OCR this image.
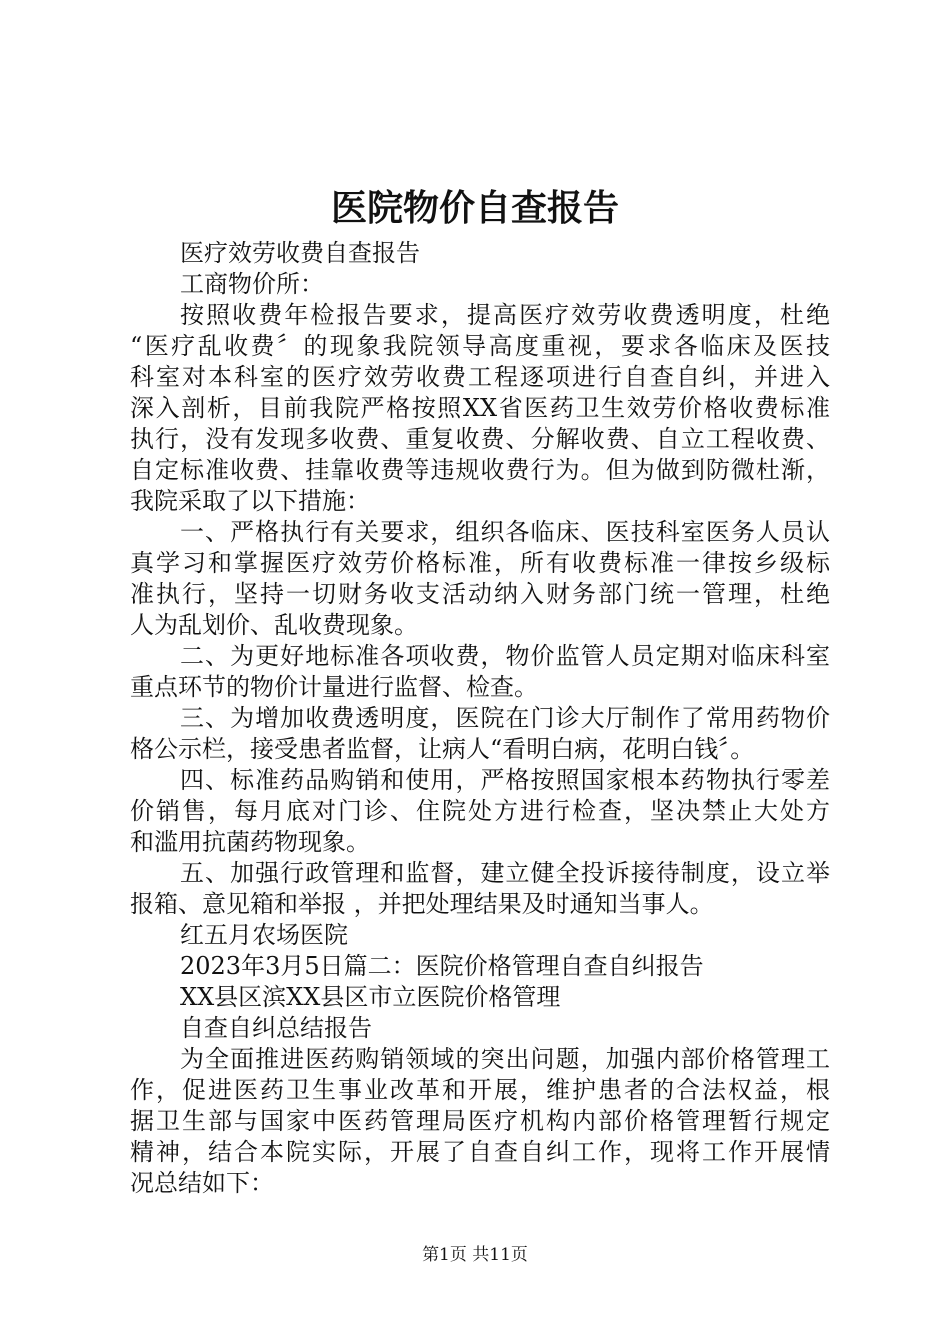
医院物价自查报告
医疗效劳收费自查报告
工商物价所：
按照收费年检报告要求，提高医疗效劳收费透明度，杜绝
“医疗乱收费〞的现象我院领导高度重视，要求各临床及医技
科室对本科室的医疗效劳收费工程逐项进行自查自纠，并进入
深入剖析，目前我院严格按照XX省医药卫生效劳价格收费标准
执行，没有发现多收费、重复收费、分解收费、自立工程收费、
自定标准收费、挂靠收费等违规收费行为。但为做到防微杜渐，
我院采取了以下措施：
一、严格执行有关要求，组织各临床、医技科室医务人员认
真学习和掌握医疗效劳价格标准，所有收费标准一律按乡级标
准执行，坚持一切财务收支活动纳入财务部门统一管理，杜绝
人为乱划价、乱收费现象。
二、为更好地标准各项收费，物价监管人员定期对临床科室
重点环节的物价计量进行监督、检查。
三、为增加收费透明度，医院在门诊大厅制作了常用药物价
格公示栏，接受患者监督，让病人“看明白病，花明白钱〞。
四、标准药品购销和使用，严格按照国家根本药物执行零差
价销售，每月底对门诊、住院处方进行检查，坚决禁止大处方
和滥用抗菌药物现象。
五、加强行政管理和监督，建立健全投诉接待制度，设立举
报箱、意见箱和举报 ，并把处理结果及时通知当事人。
红五月农场医院
2023年3月5日篇二：医院价格管理自查自纠报告
XX县区滨XX县区市立医院价格管理
自查自纠总结报告
为全面推进医药购销领域的突出问题，加强内部价格管理工
作，促进医药卫生事业改革和开展，维护患者的合法权益，根
据卫生部与国家中医药管理局医疗机构内部价格管理暂行规定
精神，结合本院实际，开展了自查自纠工作，现将工作开展情
况总结如下：
第1页 共11页
